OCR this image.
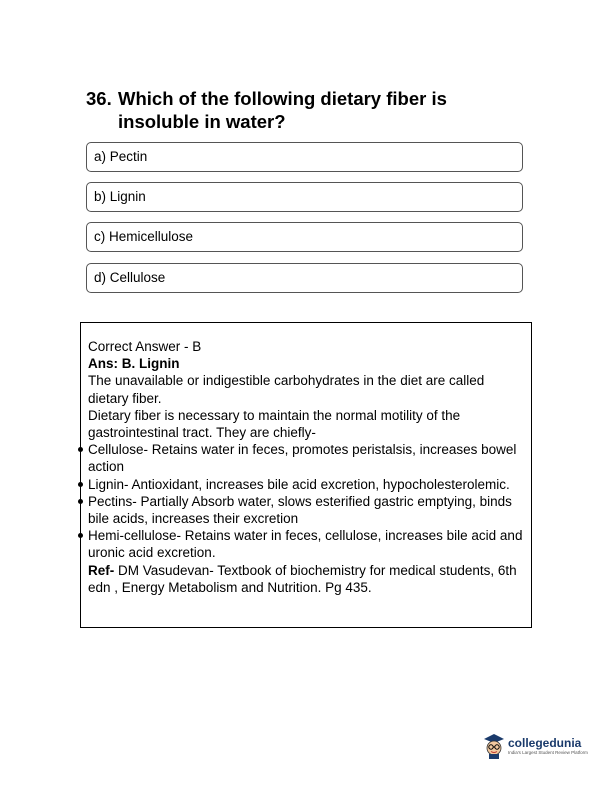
36. Which of the following dietary fiber is insoluble in water?
a) Pectin
b) Lignin
c) Hemicellulose
d) Cellulose

Correct Answer - B

Ans: B. Lignin

The unavailable or indigestible carbohydrates in the diet are called dietary fiber.

Dietary fiber is necessary to maintain the normal motility of the gastrointestinal tract. They are chiefly-

Cellulose- Retains water in feces, promotes peristalsis, increases bowel action
Lignin- Antioxidant, increases bile acid excretion, hypocholesterolemic.
Pectins- Partially Absorb water, slows esterified gastric emptying, binds bile acids, increases their excretion
Hemi-cellulose- Retains water in feces, cellulose, increases bile acid and uronic acid excretion.

Ref- DM Vasudevan- Textbook of biochemistry for medical students, 6th edn , Energy Metabolism and Nutrition. Pg 435.

collegedunia
India's Largest Student Review Platform
